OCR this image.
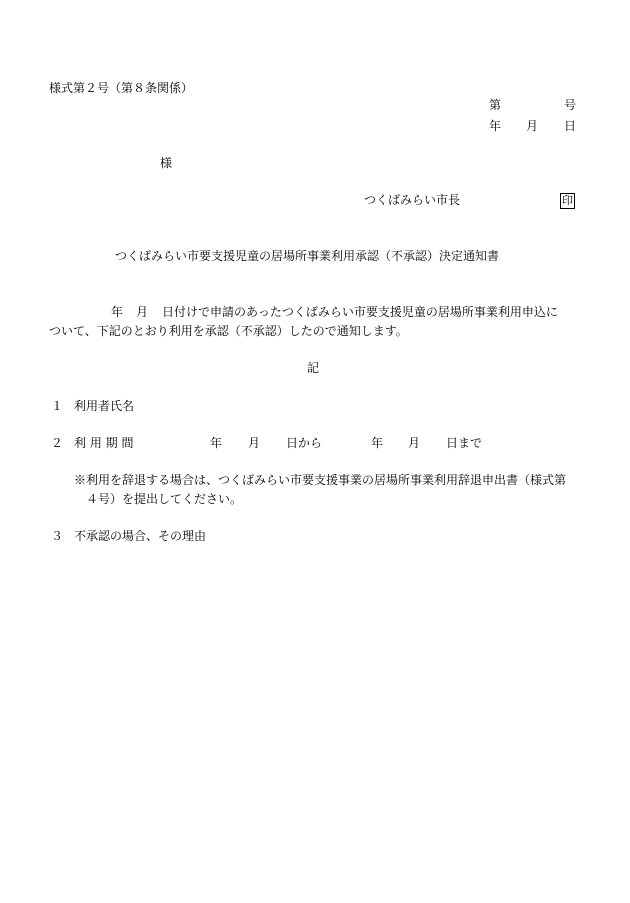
様式第２号（第８条関係）
第	号
年 月 日
様
つくばみらい市長	印
つくばみらい市要支援児童の居場所事業利用承認（不承認）決定通知書
年 月 日付けで申請のあったつくばみらい市要支援児童の居場所事業利用申込に
ついて、下記のとおり利用を承認（不承認）したので通知します。
記
１ 利用者氏名
２ 利 用 期 間	年 月 日から	年 月 日まで
※利用を辞退する場合は、つくばみらい市要支援事業の居場所事業利用辞退申出書（様式第
４号）を提出してください。
３ 不承認の場合、その理由
